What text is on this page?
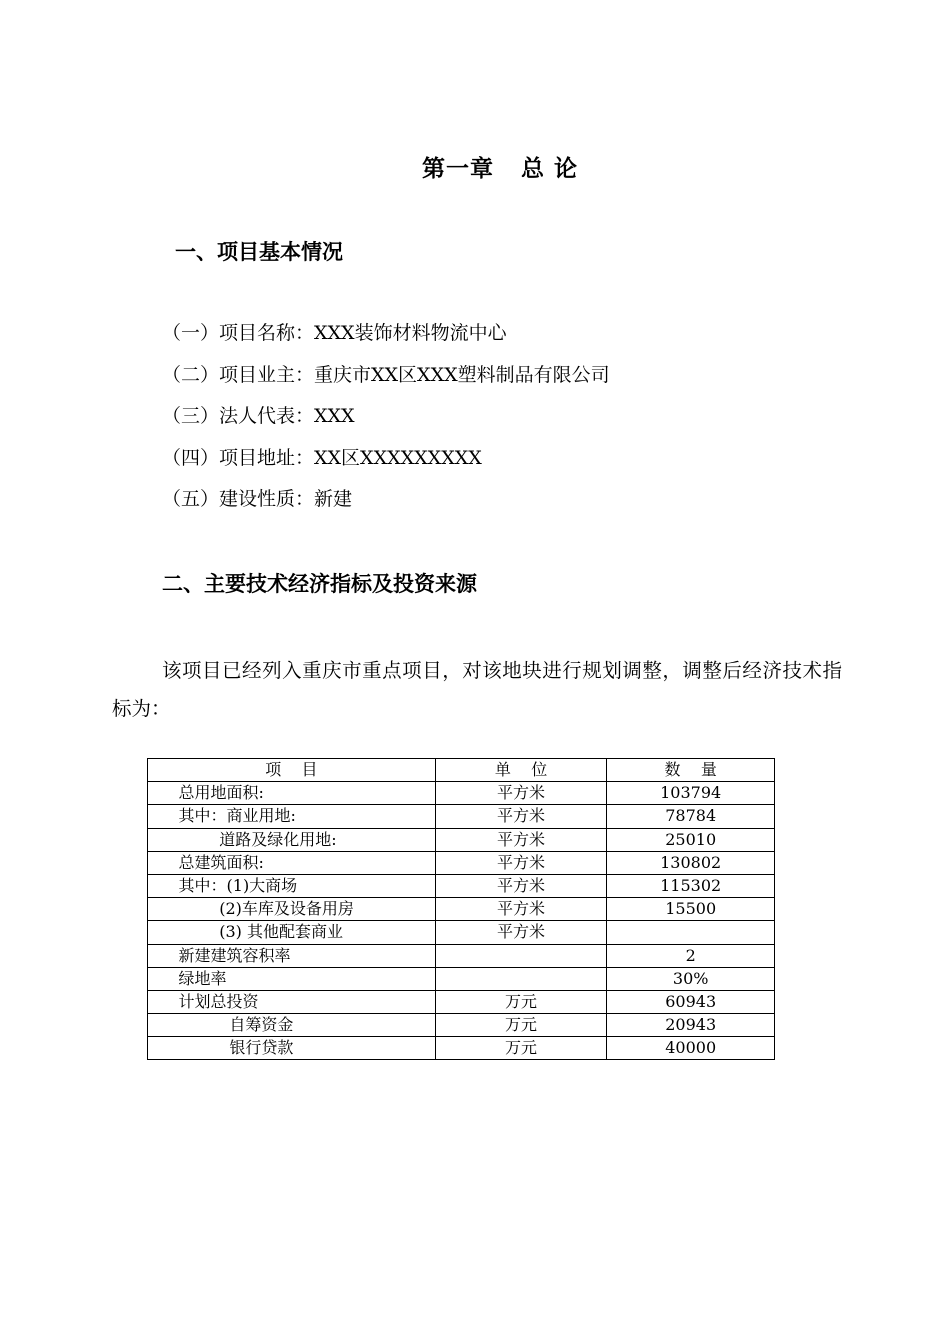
第一章   总 论
一、项目基本情况
（一）项目名称：XXX装饰材料物流中心
（二）项目业主：重庆市XX区XXX塑料制品有限公司
（三）法人代表：XXX
（四）项目地址：XX区XXXXXXXXX
（五）建设性质：新建
二、主要技术经济指标及投资来源

该项目已经列入重庆市重点项目，对该地块进行规划调整，调整后经济技术指标为：

项    目	单    位	数    量
总用地面积:	平方米	103794
其中：商业用地:	平方米	78784
道路及绿化用地:	平方米	25010
总建筑面积:	平方米	130802
其中：(1)大商场	平方米	115302
(2)车库及设备用房	平方米	15500
(3) 其他配套商业	平方米	
新建建筑容积率		2
绿地率		30%
计划总投资	万元	60943
自筹资金	万元	20943
银行贷款	万元	40000
